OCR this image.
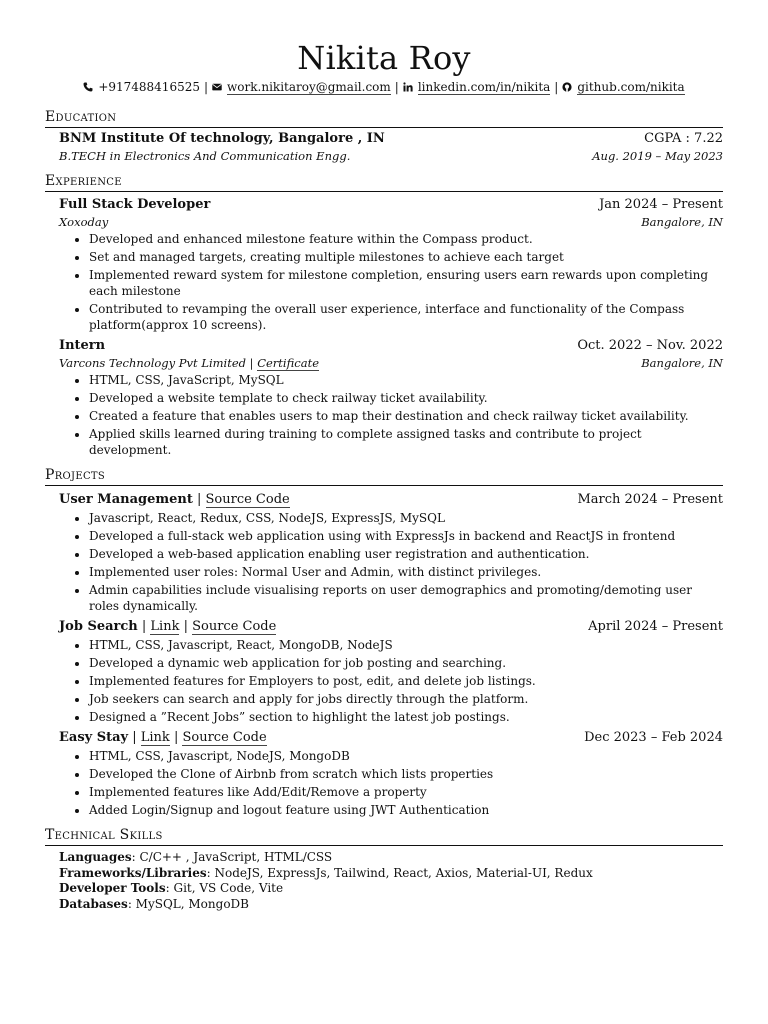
Nikita Roy
+917488416525 | work.nikitaroy@gmail.com | linkedin.com/in/nikita | github.com/nikita
Education
BNM Institute Of technology, Bangalore , IN	CGPA : 7.22
B.TECH in Electronics And Communication Engg.	Aug. 2019 – May 2023
Experience
Full Stack Developer	Jan 2024 – Present
Xoxoday	Bangalore, IN
• Developed and enhanced milestone feature within the Compass product.
• Set and managed targets, creating multiple milestones to achieve each target
• Implemented reward system for milestone completion, ensuring users earn rewards upon completing each milestone
• Contributed to revamping the overall user experience, interface and functionality of the Compass platform(approx 10 screens).
Intern	Oct. 2022 – Nov. 2022
Varcons Technology Pvt Limited | Certificate	Bangalore, IN
• HTML, CSS, JavaScript, MySQL
• Developed a website template to check railway ticket availability.
• Created a feature that enables users to map their destination and check railway ticket availability.
• Applied skills learned during training to complete assigned tasks and contribute to project development.
Projects
User Management | Source Code	March 2024 – Present
• Javascript, React, Redux, CSS, NodeJS, ExpressJS, MySQL
• Developed a full-stack web application using with ExpressJs in backend and ReactJS in frontend
• Developed a web-based application enabling user registration and authentication.
• Implemented user roles: Normal User and Admin, with distinct privileges.
• Admin capabilities include visualising reports on user demographics and promoting/demoting user roles dynamically.
Job Search | Link | Source Code	April 2024 – Present
• HTML, CSS, Javascript, React, MongoDB, NodeJS
• Developed a dynamic web application for job posting and searching.
• Implemented features for Employers to post, edit, and delete job listings.
• Job seekers can search and apply for jobs directly through the platform.
• Designed a ”Recent Jobs” section to highlight the latest job postings.
Easy Stay | Link | Source Code	Dec 2023 – Feb 2024
• HTML, CSS, Javascript, NodeJS, MongoDB
• Developed the Clone of Airbnb from scratch which lists properties
• Implemented features like Add/Edit/Remove a property
• Added Login/Signup and logout feature using JWT Authentication
Technical Skills
Languages: C/C++ , JavaScript, HTML/CSS
Frameworks/Libraries: NodeJS, ExpressJs, Tailwind, React, Axios, Material-UI, Redux
Developer Tools: Git, VS Code, Vite
Databases: MySQL, MongoDB
